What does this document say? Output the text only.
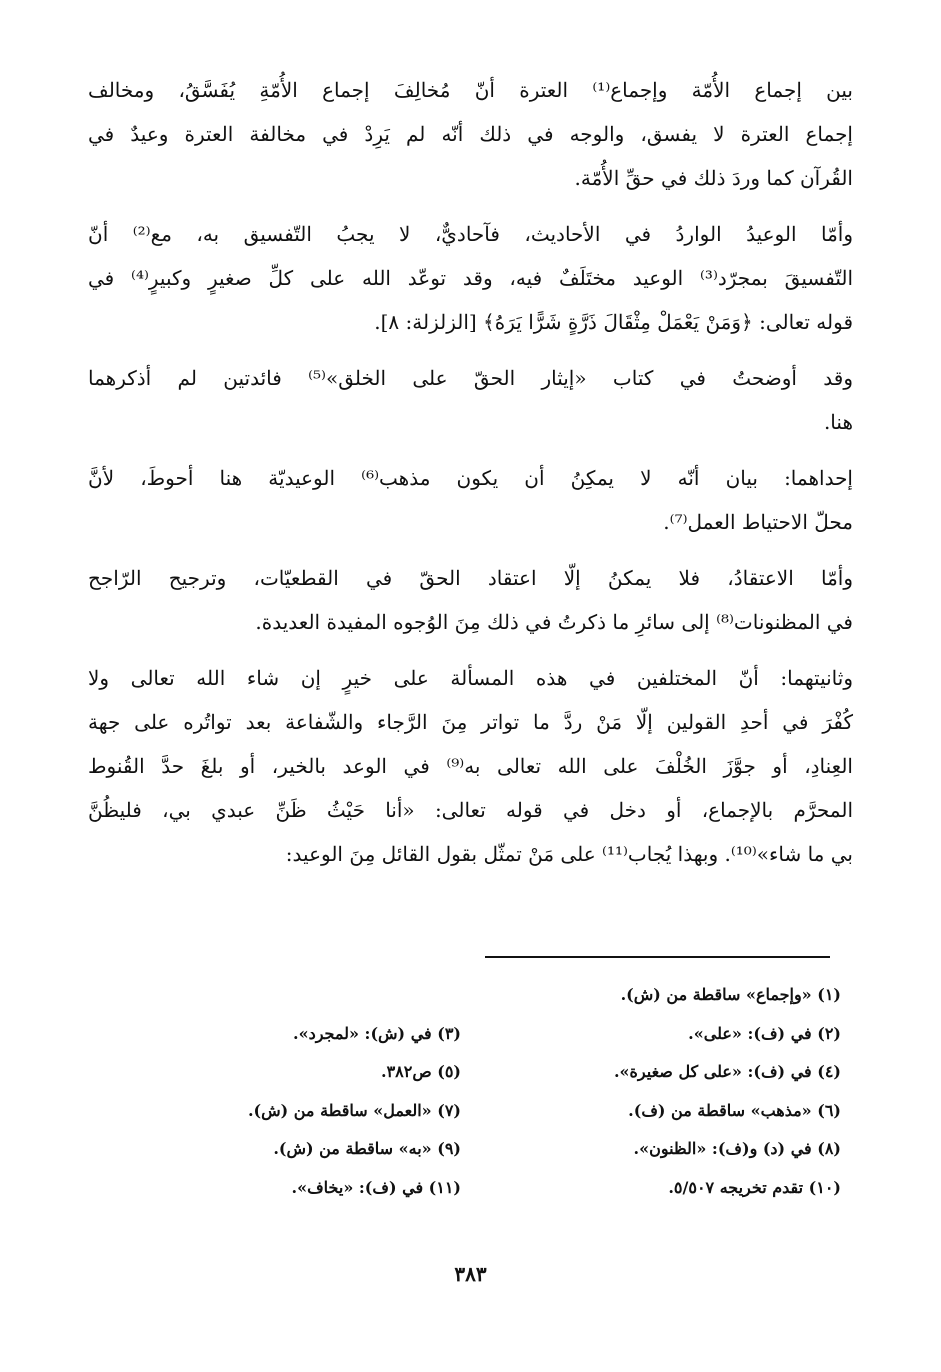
بين إجماع الأُمّة وإجماع⁽¹⁾ العترة أنّ مُخالِفَ إجماع الأُمّةِ يُفَسَّقُ، ومخالف
إجماع العترة لا يفسق، والوجه في ذلك أنّه لم يَرِدْ في مخالفة العترة وعيدٌ في
القُرآن كما وردَ ذلك في حقِّ الأُمّة.
وأمّا الوعيدُ الواردُ في الأحاديث، فآحاديٌّ، لا يجبُ التّفسيق به، مع⁽²⁾ أنّ
التّفسيقَ بمجرّد⁽³⁾ الوعيد مختَلَفٌ فيه، وقد توعّد الله على كلِّ صغيرٍ وكبيرٍ⁽⁴⁾ في
قوله تعالى: ﴿وَمَنْ يَعْمَلْ مِثْقَالَ ذَرَّةٍ شَرًّا يَرَهُ﴾ [الزلزلة: ٨].
وقد أوضحتُ في كتاب «إيثار الحقّ على الخلق»⁽⁵⁾ فائدتين لم أذكرهما
هنا.
إحداهما: بيان أنّه لا يمكِنُ أن يكون مذهب⁽⁶⁾ الوعيديّة هنا أحوطَ، لأنَّ
محلّ الاحتياط العمل⁽⁷⁾.
وأمّا الاعتقادُ، فلا يمكنُ إلّا اعتقاد الحقّ في القطعيّات، وترجيح الرّاجح
في المظنونات⁽⁸⁾ إلى سائرِ ما ذكرتُ في ذلك مِنَ الوُجوه المفيدة العديدة.
وثانيتهما: أنّ المختلفين في هذه المسألة على خيرٍ إن شاء الله تعالى ولا
كُفْرَ في أحدِ القولين إلّا مَنْ ردَّ ما تواتر مِنَ الرَّجاء والشّفاعة بعد تواتُره على جهة
العِنادِ، أو جوَّزَ الخُلْفَ على الله تعالى به⁽⁹⁾ في الوعد بالخير، أو بلغَ حدَّ القُنوط
المحرَّم بالإجماع، أو دخل في قوله تعالى: «أنا حَيْثُ ظَنِّ عبدي بي، فليظُنَّ
بي ما شاء»⁽¹⁰⁾. وبهذا يُجاب⁽¹¹⁾ على مَنْ تمثّل بقول القائل مِنَ الوعيد:
(١) «وإجماع» ساقطة من (ش).
(٢) في (ف): «على».
(٣) في (ش): «لمجرد».
(٤) في (ف): «على كل صغيرة».
(٥) ص٣٨٢.
(٦) «مذهب» ساقطة من (ف).
(٧) «العمل» ساقطة من (ش).
(٨) في (د) و(ف): «الظنون».
(٩) «به» ساقطة من (ش).
(١٠) تقدم تخريجه ٥/٥٠٧.
(١١) في (ف): «يخاف».
٣٨٣
